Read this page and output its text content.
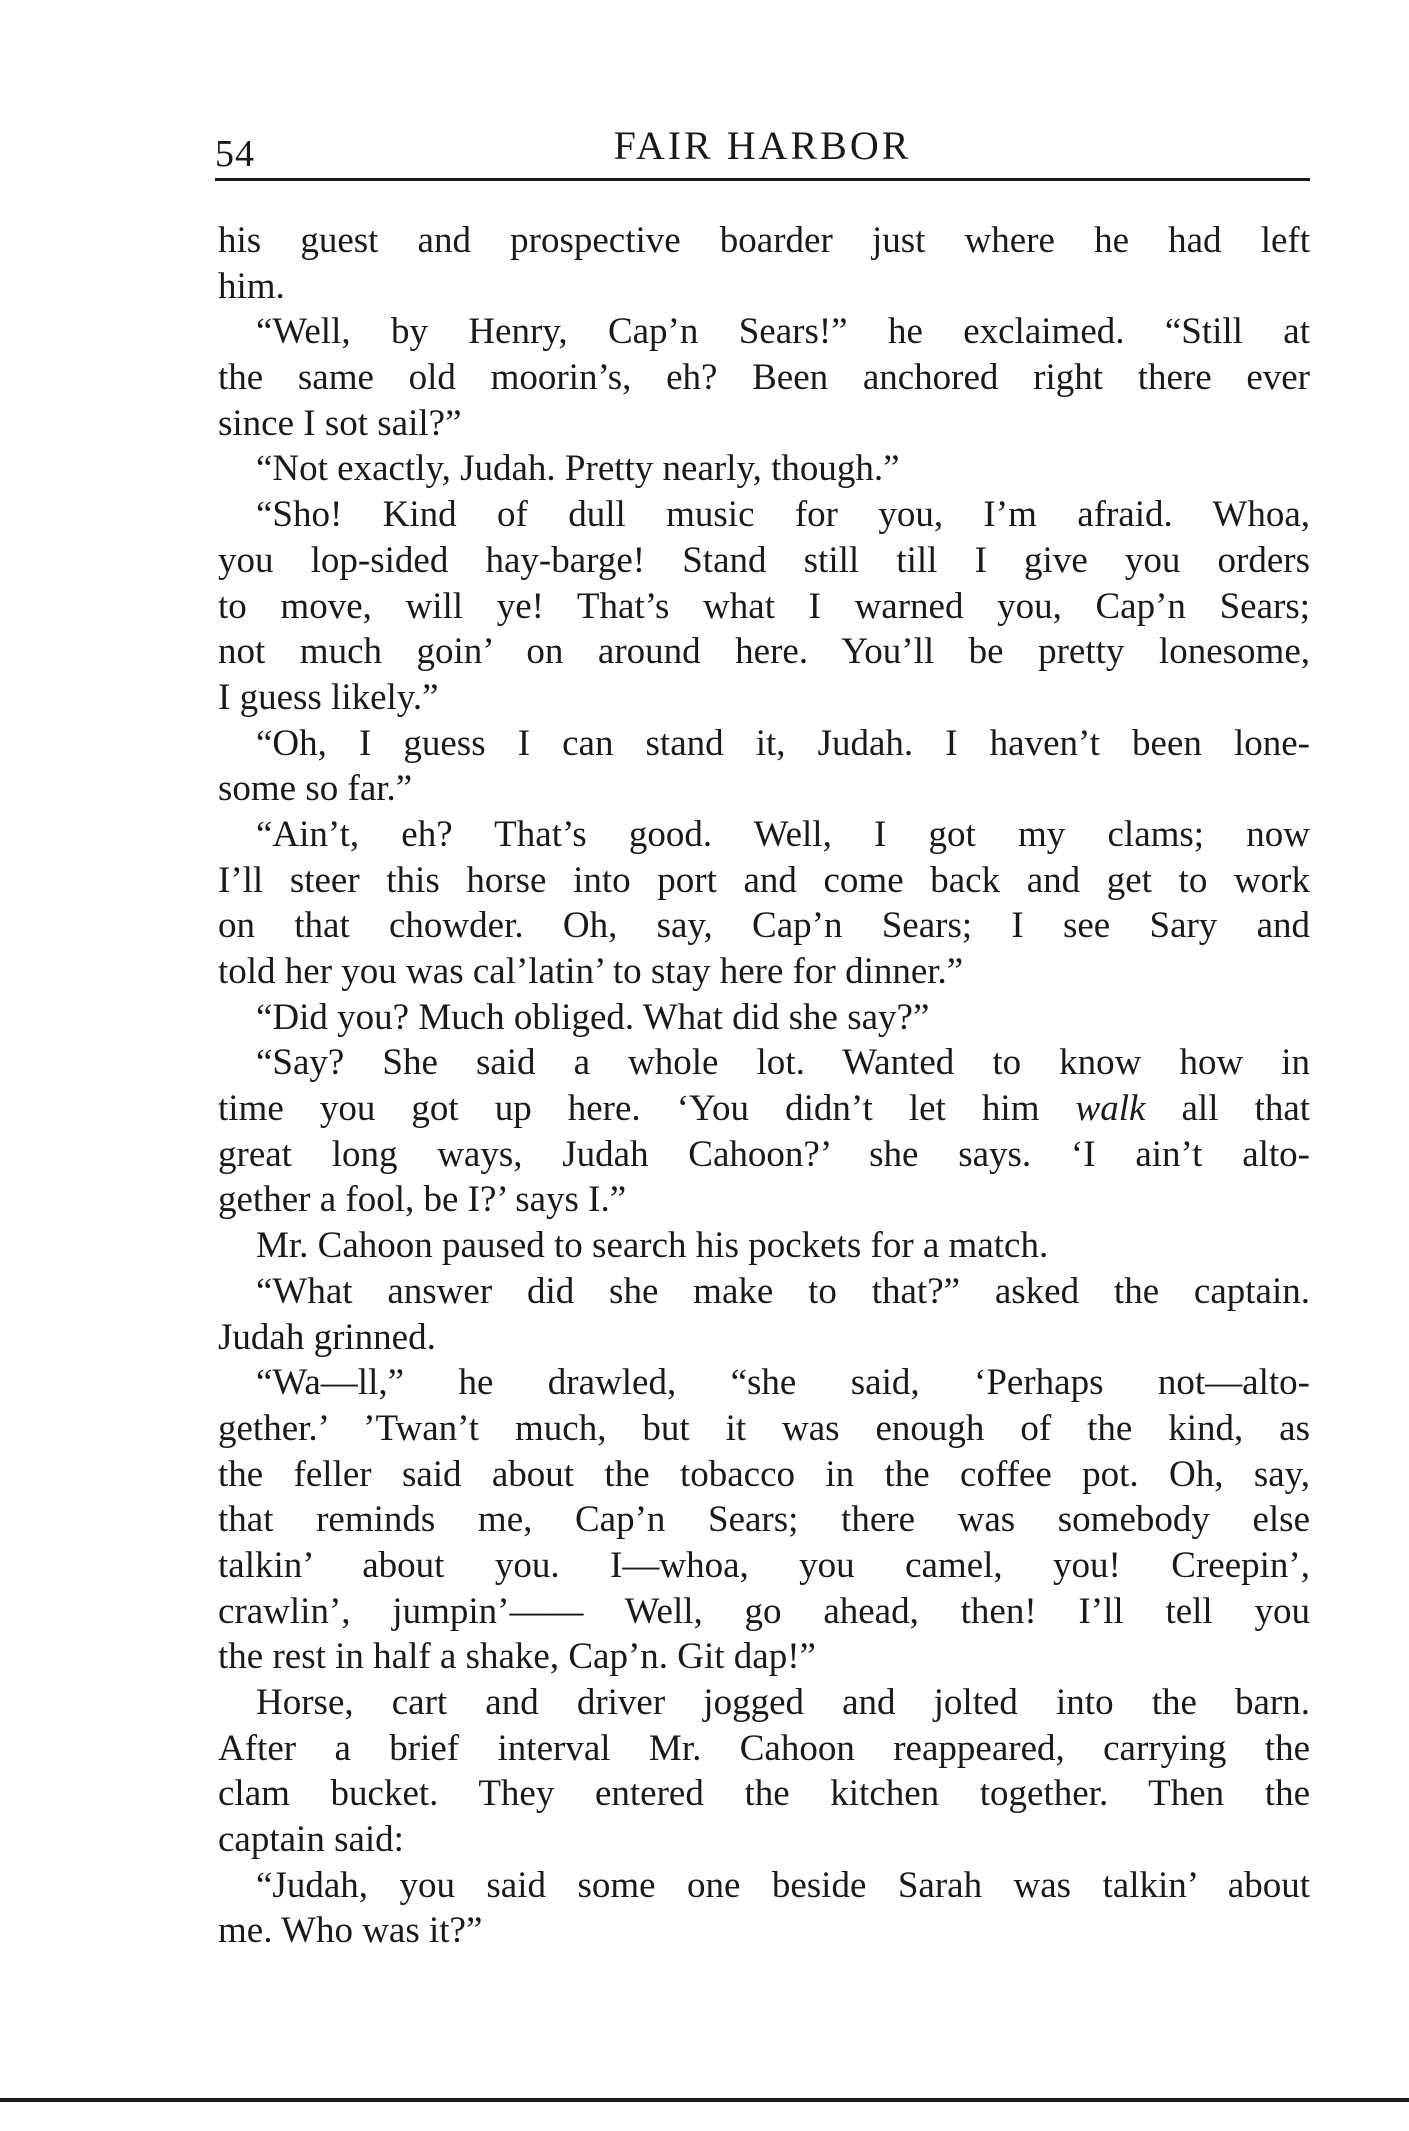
54	FAIR HARBOR
his guest and prospective boarder just where he had left
him.
“Well, by Henry, Cap’n Sears!” he exclaimed. “Still at
the same old moorin’s, eh? Been anchored right there ever
since I sot sail?”
“Not exactly, Judah. Pretty nearly, though.”
“Sho! Kind of dull music for you, I’m afraid. Whoa,
you lop-sided hay-barge! Stand still till I give you orders
to move, will ye! That’s what I warned you, Cap’n Sears;
not much goin’ on around here. You’ll be pretty lonesome,
I guess likely.”
“Oh, I guess I can stand it, Judah. I haven’t been lone-
some so far.”
“Ain’t, eh? That’s good. Well, I got my clams; now
I’ll steer this horse into port and come back and get to work
on that chowder. Oh, say, Cap’n Sears; I see Sary and
told her you was cal’latin’ to stay here for dinner.”
“Did you? Much obliged. What did she say?”
“Say? She said a whole lot. Wanted to know how in
time you got up here. ‘You didn’t let him walk all that
great long ways, Judah Cahoon?’ she says. ‘I ain’t alto-
gether a fool, be I?’ says I.”
Mr. Cahoon paused to search his pockets for a match.
“What answer did she make to that?” asked the captain.
Judah grinned.
“Wa—ll,” he drawled, “she said, ‘Perhaps not—alto-
gether.’ ’Twan’t much, but it was enough of the kind, as
the feller said about the tobacco in the coffee pot. Oh, say,
that reminds me, Cap’n Sears; there was somebody else
talkin’ about you. I—whoa, you camel, you! Creepin’,
crawlin’, jumpin’—— Well, go ahead, then! I’ll tell you
the rest in half a shake, Cap’n. Git dap!”
Horse, cart and driver jogged and jolted into the barn.
After a brief interval Mr. Cahoon reappeared, carrying the
clam bucket. They entered the kitchen together. Then the
captain said:
“Judah, you said some one beside Sarah was talkin’ about
me. Who was it?”
